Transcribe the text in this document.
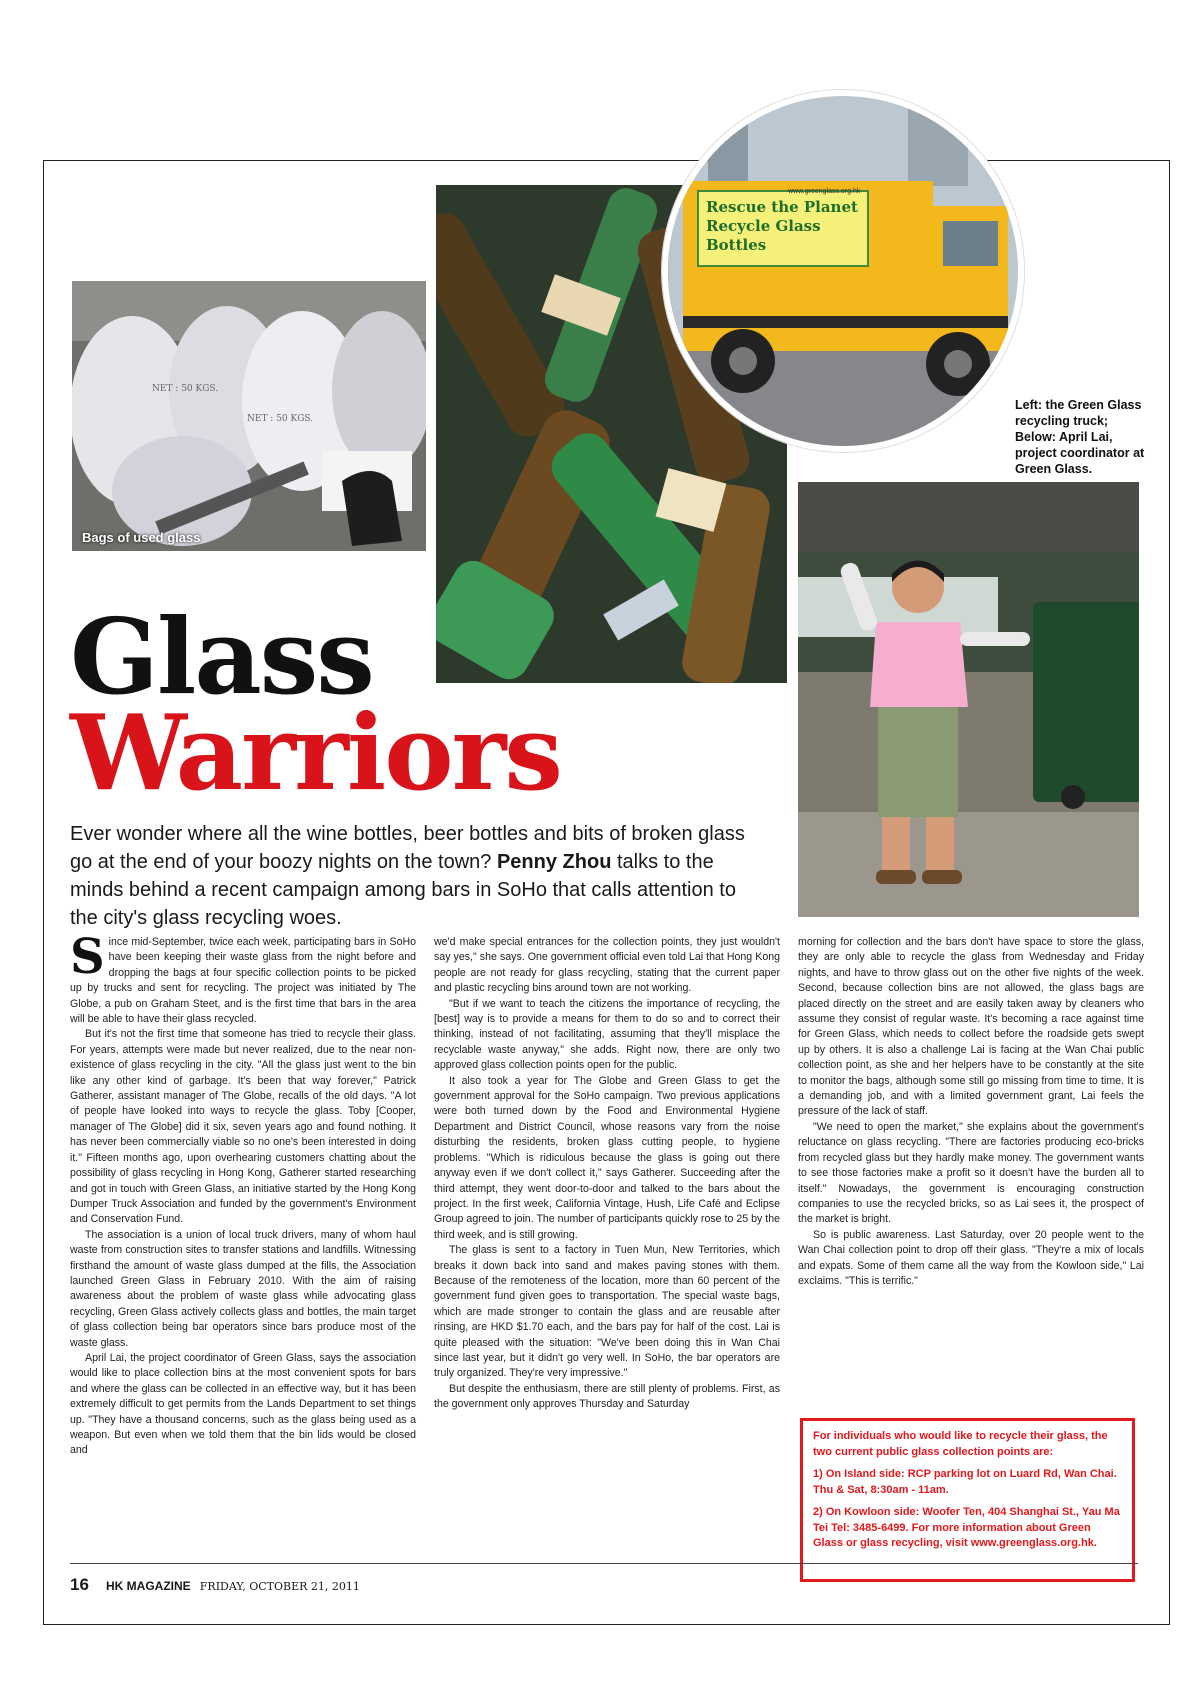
NET : 50 KGS.
NET : 50 KGS.
Bags of used glass
Rescue the Planet
Recycle Glass Bottles
www.greenglass.org.hk
Left: the Green Glass recycling truck; Below: April Lai, project coordinator at Green Glass.
Glass
Warriors
Ever wonder where all the wine bottles, beer bottles and bits of broken glass go at the end of your boozy nights on the town? Penny Zhou talks to the minds behind a recent campaign among bars in SoHo that calls attention to the city's glass recycling woes.

Since mid-September, twice each week, participating bars in SoHo have been keeping their waste glass from the night before and dropping the bags at four specific collection points to be picked up by trucks and sent for recycling. The project was initiated by The Globe, a pub on Graham Steet, and is the first time that bars in the area will be able to have their glass recycled.

But it's not the first time that someone has tried to recycle their glass. For years, attempts were made but never realized, due to the near non-existence of glass recycling in the city. "All the glass just went to the bin like any other kind of garbage. It's been that way forever," Patrick Gatherer, assistant manager of The Globe, recalls of the old days. "A lot of people have looked into ways to recycle the glass. Toby [Cooper, manager of The Globe] did it six, seven years ago and found nothing. It has never been commercially viable so no one's been interested in doing it." Fifteen months ago, upon overhearing customers chatting about the possibility of glass recycling in Hong Kong, Gatherer started researching and got in touch with Green Glass, an initiative started by the Hong Kong Dumper Truck Association and funded by the government's Environment and Conservation Fund.

The association is a union of local truck drivers, many of whom haul waste from construction sites to transfer stations and landfills. Witnessing firsthand the amount of waste glass dumped at the fills, the Association launched Green Glass in February 2010. With the aim of raising awareness about the problem of waste glass while advocating glass recycling, Green Glass actively collects glass and bottles, the main target of glass collection being bar operators since bars produce most of the waste glass.

April Lai, the project coordinator of Green Glass, says the association would like to place collection bins at the most convenient spots for bars and where the glass can be collected in an effective way, but it has been extremely difficult to get permits from the Lands Department to set things up. "They have a thousand concerns, such as the glass being used as a weapon. But even when we told them that the bin lids would be closed and

we'd make special entrances for the collection points, they just wouldn't say yes," she says. One government official even told Lai that Hong Kong people are not ready for glass recycling, stating that the current paper and plastic recycling bins around town are not working.

"But if we want to teach the citizens the importance of recycling, the [best] way is to provide a means for them to do so and to correct their thinking, instead of not facilitating, assuming that they'll misplace the recyclable waste anyway," she adds. Right now, there are only two approved glass collection points open for the public.

It also took a year for The Globe and Green Glass to get the government approval for the SoHo campaign. Two previous applications were both turned down by the Food and Environmental Hygiene Department and District Council, whose reasons vary from the noise disturbing the residents, broken glass cutting people, to hygiene problems. "Which is ridiculous because the glass is going out there anyway even if we don't collect it," says Gatherer. Succeeding after the third attempt, they went door-to-door and talked to the bars about the project. In the first week, California Vintage, Hush, Life Café and Eclipse Group agreed to join. The number of participants quickly rose to 25 by the third week, and is still growing.

The glass is sent to a factory in Tuen Mun, New Territories, which breaks it down back into sand and makes paving stones with them. Because of the remoteness of the location, more than 60 percent of the government fund given goes to transportation. The special waste bags, which are made stronger to contain the glass and are reusable after rinsing, are HKD $1.70 each, and the bars pay for half of the cost. Lai is quite pleased with the situation: "We've been doing this in Wan Chai since last year, but it didn't go very well. In SoHo, the bar operators are truly organized. They're very impressive."

But despite the enthusiasm, there are still plenty of problems. First, as the government only approves Thursday and Saturday

morning for collection and the bars don't have space to store the glass, they are only able to recycle the glass from Wednesday and Friday nights, and have to throw glass out on the other five nights of the week. Second, because collection bins are not allowed, the glass bags are placed directly on the street and are easily taken away by cleaners who assume they consist of regular waste. It's becoming a race against time for Green Glass, which needs to collect before the roadside gets swept up by others. It is also a challenge Lai is facing at the Wan Chai public collection point, as she and her helpers have to be constantly at the site to monitor the bags, although some still go missing from time to time. It is a demanding job, and with a limited government grant, Lai feels the pressure of the lack of staff.

"We need to open the market," she explains about the government's reluctance on glass recycling. "There are factories producing eco-bricks from recycled glass but they hardly make money. The government wants to see those factories make a profit so it doesn't have the burden all to itself." Nowadays, the government is encouraging construction companies to use the recycled bricks, so as Lai sees it, the prospect of the market is bright.

So is public awareness. Last Saturday, over 20 people went to the Wan Chai collection point to drop off their glass. "They're a mix of locals and expats. Some of them came all the way from the Kowloon side," Lai exclaims. "This is terrific."

For individuals who would like to recycle their glass, the two current public glass collection points are:

1) On Island side: RCP parking lot on Luard Rd, Wan Chai. Thu & Sat, 8:30am - 11am.

2) On Kowloon side: Woofer Ten, 404 Shanghai St., Yau Ma Tei Tel: 3485-6499. For more information about Green Glass or glass recycling, visit www.greenglass.org.hk.

16 HK MAGAZINE FRIDAY, OCTOBER 21, 2011
